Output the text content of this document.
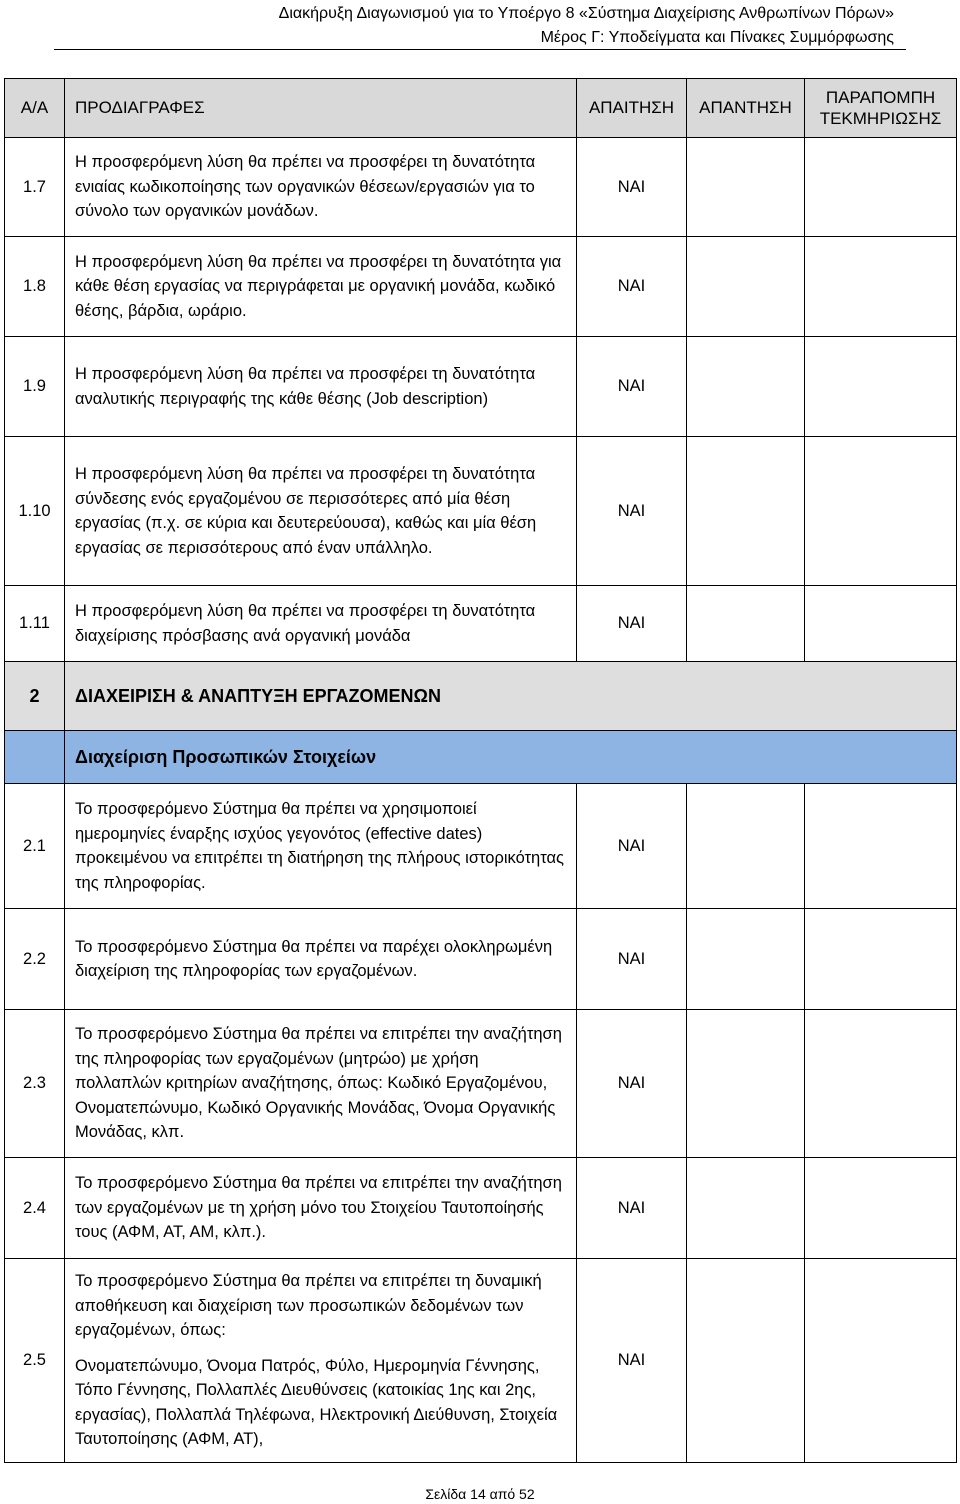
Διακήρυξη Διαγωνισμού για το Υποέργο 8 «Σύστημα Διαχείρισης Ανθρωπίνων Πόρων»
Μέρος Γ: Υποδείγματα και Πίνακες Συμμόρφωσης
Α/Α	ΠΡΟΔΙΑΓΡΑΦΕΣ	ΑΠΑΙΤΗΣΗ	ΑΠΑΝΤΗΣΗ	ΠΑΡΑΠΟΜΠΗ ΤΕΚΜΗΡΙΩΣΗΣ
1.7	Η προσφερόμενη λύση θα πρέπει να προσφέρει τη δυνατότητα ενιαίας κωδικοποίησης των οργανικών θέσεων/εργασιών για το σύνολο των οργανικών μονάδων.	ΝΑΙ		
1.8	Η προσφερόμενη λύση θα πρέπει να προσφέρει τη δυνατότητα για κάθε θέση εργασίας να περιγράφεται με οργανική μονάδα, κωδικό θέσης, βάρδια, ωράριο.	ΝΑΙ		
1.9	Η προσφερόμενη λύση θα πρέπει να προσφέρει τη δυνατότητα αναλυτικής περιγραφής της κάθε θέσης (Job description)	ΝΑΙ		
1.10	Η προσφερόμενη λύση θα πρέπει να προσφέρει τη δυνατότητα σύνδεσης ενός εργαζομένου σε περισσότερες από μία θέση εργασίας (π.χ. σε κύρια και δευτερεύουσα), καθώς και μία θέση εργασίας σε περισσότερους από έναν υπάλληλο.	ΝΑΙ		
1.11	Η προσφερόμενη λύση θα πρέπει να προσφέρει τη δυνατότητα διαχείρισης πρόσβασης ανά οργανική μονάδα	ΝΑΙ		
2	ΔΙΑΧΕΙΡΙΣΗ & ΑΝΑΠΤΥΞΗ ΕΡΓΑΖΟΜΕΝΩΝ			
	Διαχείριση Προσωπικών Στοιχείων			
2.1	Το προσφερόμενο Σύστημα θα πρέπει να χρησιμοποιεί ημερομηνίες έναρξης ισχύος γεγονότος (effective dates) προκειμένου να επιτρέπει τη διατήρηση της πλήρους ιστορικότητας της πληροφορίας.	ΝΑΙ		
2.2	Το προσφερόμενο Σύστημα θα πρέπει να παρέχει ολοκληρωμένη διαχείριση της πληροφορίας των εργαζομένων.	ΝΑΙ		
2.3	Το προσφερόμενο Σύστημα θα πρέπει να επιτρέπει την αναζήτηση της πληροφορίας των εργαζομένων (μητρώο) με χρήση πολλαπλών κριτηρίων αναζήτησης, όπως: Κωδικό Εργαζομένου, Ονοματεπώνυμο, Κωδικό Οργανικής Μονάδας, Όνομα Οργανικής Μονάδας, κλπ.	ΝΑΙ		
2.4	Το προσφερόμενο Σύστημα θα πρέπει να επιτρέπει την αναζήτηση των εργαζομένων με τη χρήση μόνο του Στοιχείου Ταυτοποίησής τους (ΑΦΜ, ΑΤ, ΑΜ, κλπ.).	ΝΑΙ		
2.5	Το προσφερόμενο Σύστημα θα πρέπει να επιτρέπει τη δυναμική αποθήκευση και διαχείριση των προσωπικών δεδομένων των εργαζομένων, όπως:
Ονοματεπώνυμο, Όνομα Πατρός, Φύλο, Ημερομηνία Γέννησης, Τόπο Γέννησης, Πολλαπλές Διευθύνσεις (κατοικίας 1ης και 2ης, εργασίας), Πολλαπλά Τηλέφωνα, Ηλεκτρονική Διεύθυνση, Στοιχεία Ταυτοποίησης (ΑΦΜ, ΑΤ),	ΝΑΙ		
Σελίδα 14 από 52
